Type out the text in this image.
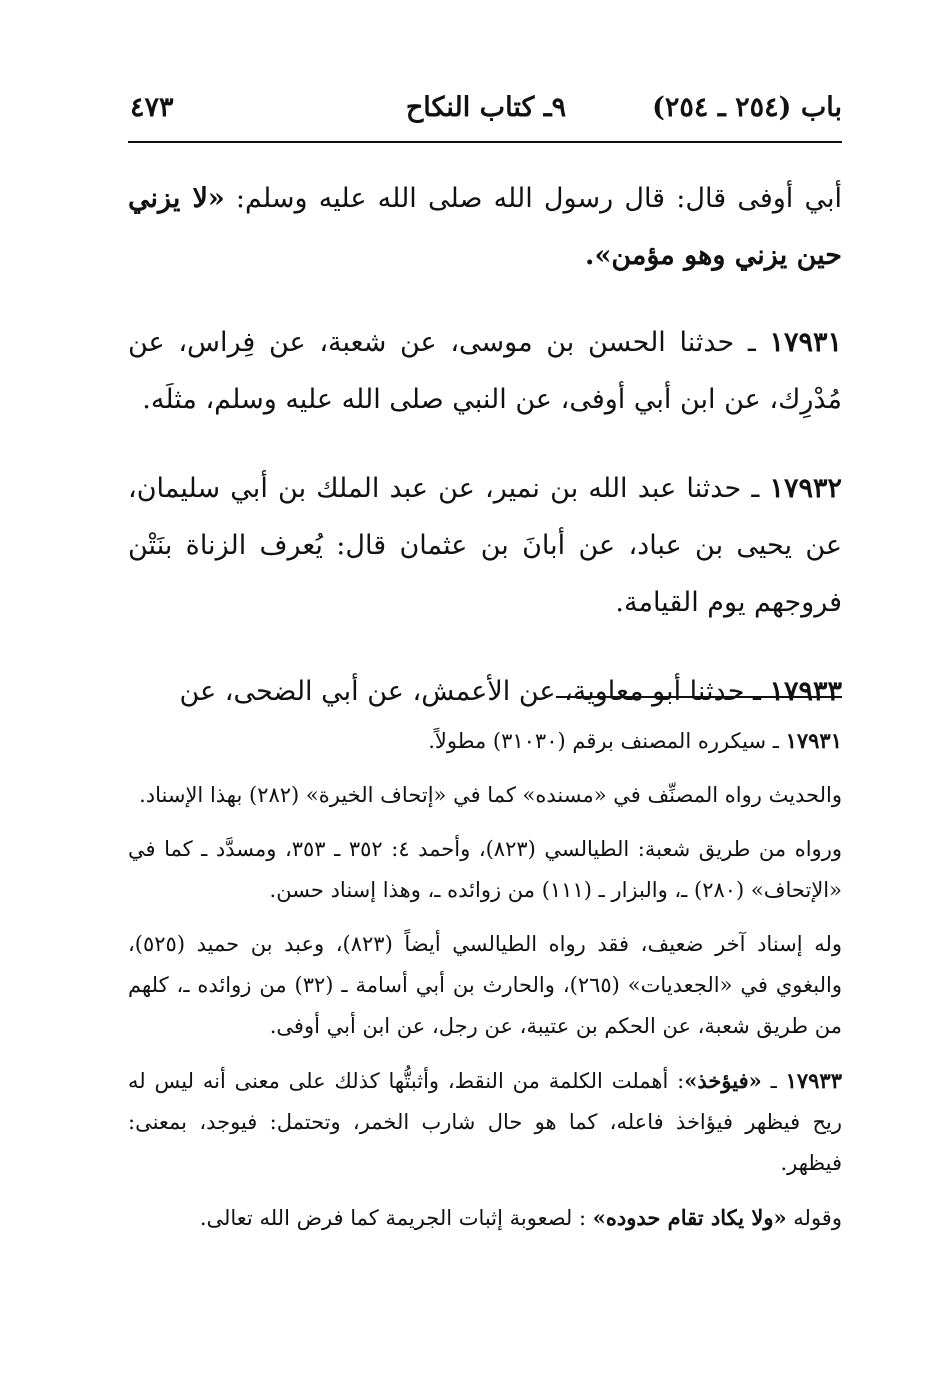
باب (٢٥٤ ـ ٢٥٤)
٩ـ كتاب النكاح
٤٧٣

أبي أوفى قال: قال رسول الله صلى الله عليه وسلم: «لا يزني حين يزني وهو مؤمن».

١٧٩٣١ ـ حدثنا الحسن بن موسى، عن شعبة، عن فِراس، عن مُدْرِك، عن ابن أبي أوفى، عن النبي صلى الله عليه وسلم، مثلَه.

١٧٩٣٢ ـ حدثنا عبد الله بن نمير، عن عبد الملك بن أبي سليمان، عن يحيى بن عباد، عن أبانَ بن عثمان قال: يُعرف الزناة بنَتْن فروجهم يوم القيامة.

١٧٩٣٣ ـ حدثنا أبو معاوية، عن الأعمش، عن أبي الضحى، عن

١٧٩٣١ ـ سيكرره المصنف برقم (٣١٠٣٠) مطولاً.

والحديث رواه المصنِّف في «مسنده» كما في «إتحاف الخيرة» (٢٨٢) بهذا الإسناد.

ورواه من طريق شعبة: الطيالسي (٨٢٣)، وأحمد ٤: ٣٥٢ ـ ٣٥٣، ومسدَّد ـ كما في «الإتحاف» (٢٨٠) ـ، والبزار ـ (١١١) من زوائده ـ، وهذا إسناد حسن.

وله إسناد آخر ضعيف، فقد رواه الطيالسي أيضاً (٨٢٣)، وعبد بن حميد (٥٢٥)، والبغوي في «الجعديات» (٢٦٥)، والحارث بن أبي أسامة ـ (٣٢) من زوائده ـ، كلهم من طريق شعبة، عن الحكم بن عتيبة، عن رجل، عن ابن أبي أوفى.

١٧٩٣٣ ـ «فيؤخذ»: أهملت الكلمة من النقط، وأثبتُّها كذلك على معنى أنه ليس له ريح فيظهر فيؤاخذ فاعله، كما هو حال شارب الخمر، وتحتمل: فيوجد، بمعنى: فيظهر.

وقوله «ولا يكاد تقام حدوده» : لصعوبة إثبات الجريمة كما فرض الله تعالى.
